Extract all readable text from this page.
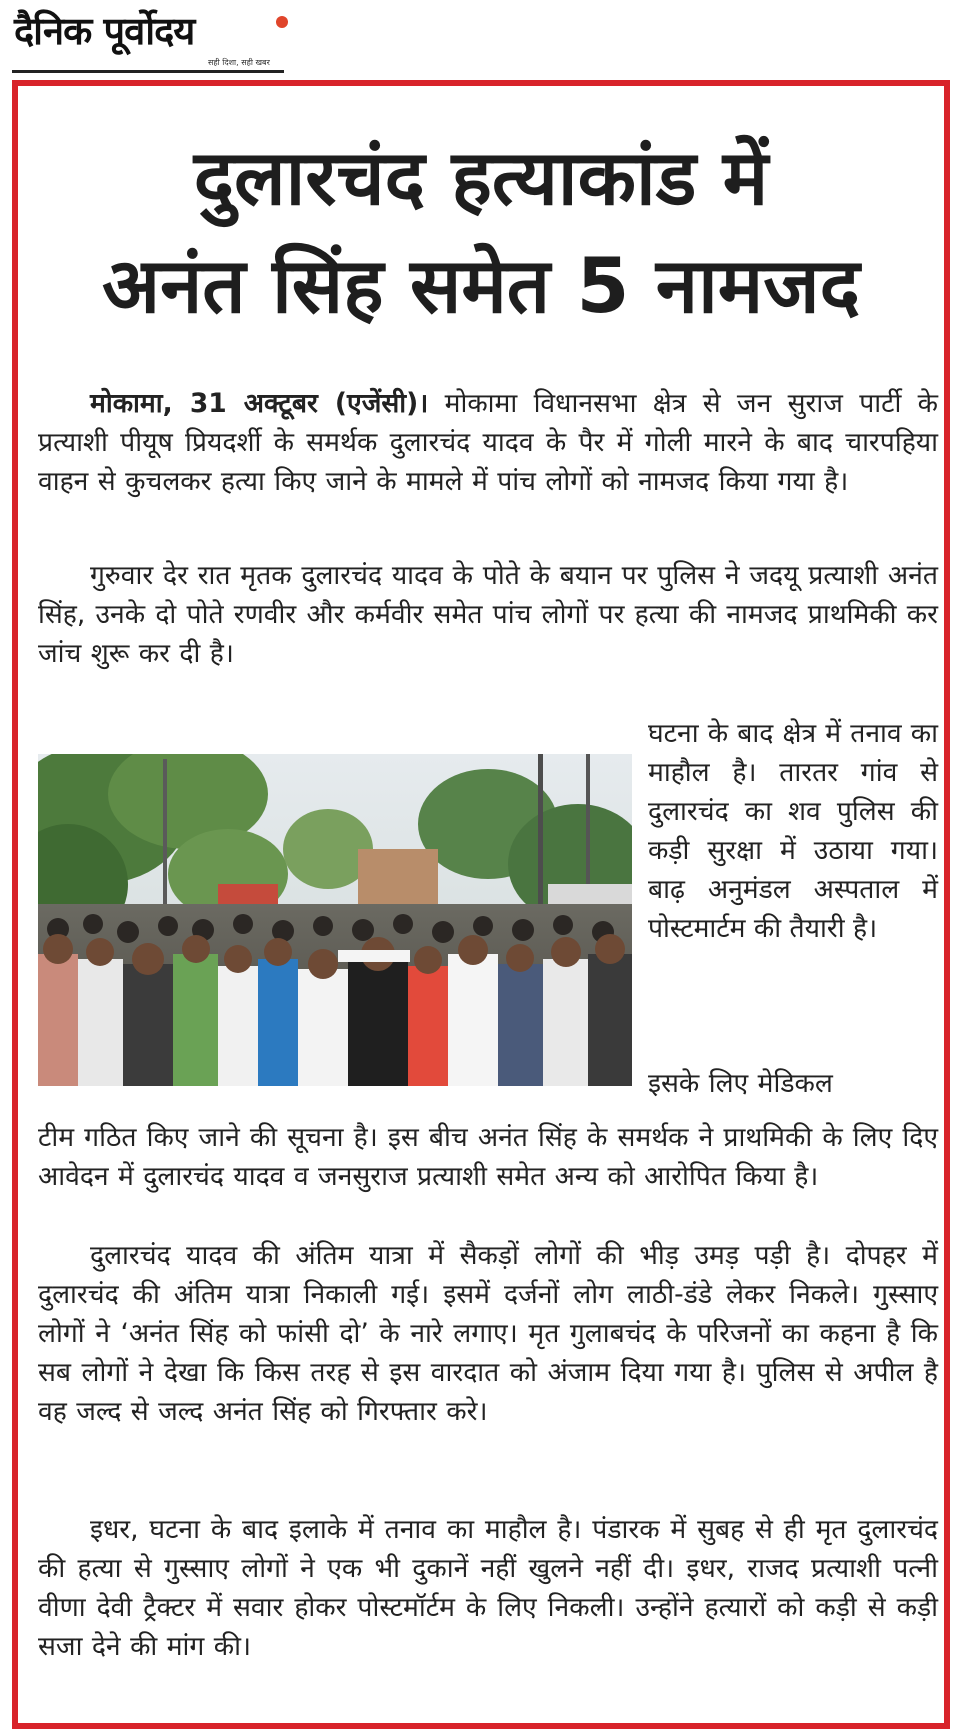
दैनिक पूर्वोदय
सही दिशा, सही खबर
दुलारचंद हत्याकांड में
अनंत सिंह समेत 5 नामजद
मोकामा, 31 अक्टूबर (एजेंसी)। मोकामा विधानसभा क्षेत्र से जन सुराज पार्टी के प्रत्याशी पीयूष प्रियदर्शी के समर्थक दुलारचंद यादव के पैर में गोली मारने के बाद चारपहिया वाहन से कुचलकर हत्या किए जाने के मामले में पांच लोगों को नामजद किया गया है।
गुरुवार देर रात मृतक दुलारचंद यादव के पोते के बयान पर पुलिस ने जदयू प्रत्याशी अनंत सिंह, उनके दो पोते रणवीर और कर्मवीर समेत पांच लोगों पर हत्या की नामजद प्राथमिकी कर जांच शुरू कर दी है।
घटना के बाद क्षेत्र में तनाव का माहौल है। तारतर गांव से दुलारचंद का शव पुलिस की कड़ी सुरक्षा में उठाया गया। बाढ़ अनुमंडल अस्पताल में पोस्टमार्टम की तैयारी है।
इसके लिए मेडिकल
टीम गठित किए जाने की सूचना है। इस बीच अनंत सिंह के समर्थक ने प्राथमिकी के लिए दिए आवेदन में दुलारचंद यादव व जनसुराज प्रत्याशी समेत अन्य को आरोपित किया है।
दुलारचंद यादव की अंतिम यात्रा में सैकड़ों लोगों की भीड़ उमड़ पड़ी है। दोपहर में दुलारचंद की अंतिम यात्रा निकाली गई। इसमें दर्जनों लोग लाठी-डंडे लेकर निकले। गुस्साए लोगों ने ‘अनंत सिंह को फांसी दो’ के नारे लगाए। मृत गुलाबचंद के परिजनों का कहना है कि सब लोगों ने देखा कि किस तरह से इस वारदात को अंजाम दिया गया है। पुलिस से अपील है वह जल्द से जल्द अनंत सिंह को गिरफ्तार करे।
इधर, घटना के बाद इलाके में तनाव का माहौल है। पंडारक में सुबह से ही मृत दुलारचंद की हत्या से गुस्साए लोगों ने एक भी दुकानें नहीं खुलने नहीं दी। इधर, राजद प्रत्याशी पत्नी वीणा देवी ट्रैक्टर में सवार होकर पोस्टमॉर्टम के लिए निकली। उन्होंने हत्यारों को कड़ी से कड़ी सजा देने की मांग की।
